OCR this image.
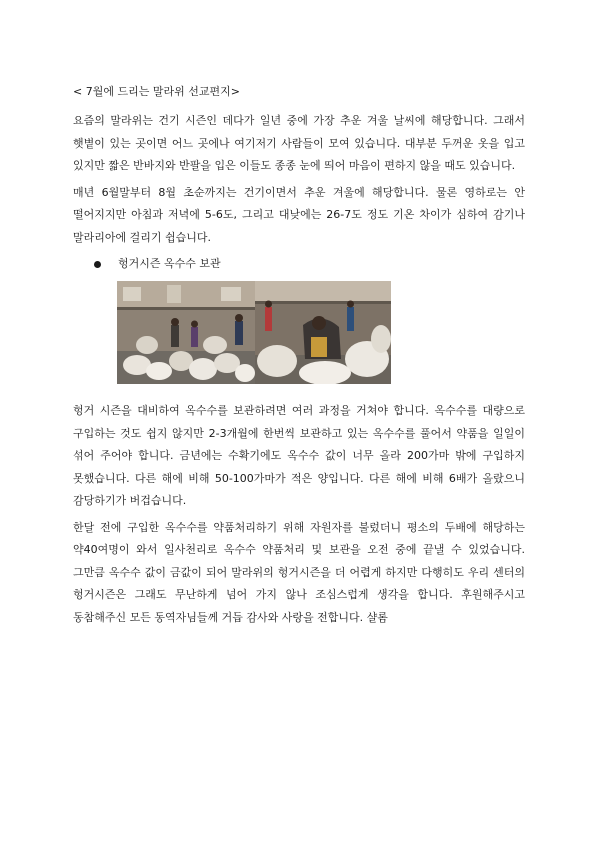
< 7월에 드리는 말라위 선교편지>

요즘의 말라위는 건기 시즌인 데다가 일년 중에 가장 추운 겨울 날씨에 해당합니다. 그래서 햇볕이 있는 곳이면 어느 곳에나 여기저기 사람들이 모여 있습니다. 대부분 두꺼운 옷을 입고 있지만 짧은 반바지와 반팔을 입은 이들도 종종 눈에 띄어 마음이 편하지 않을 때도 있습니다.

매년 6월말부터 8월 초순까지는 건기이면서 추운 겨울에 해당합니다. 물론 영하로는 안 떨어지지만 아침과 저녁에 5-6도, 그리고 대낮에는 26-7도 정도 기온 차이가 심하여 감기나 말라리아에 걸리기 쉽습니다.

헝거시즌 옥수수 보관

헝거 시즌을 대비하여 옥수수를 보관하려면 여러 과정을 거쳐야 합니다. 옥수수를 대량으로 구입하는 것도 쉽지 않지만 2-3개월에 한번씩 보관하고 있는 옥수수를 풀어서 약품을 일일이 섞어 주어야 합니다. 금년에는 수확기에도 옥수수 값이 너무 올라 200가마 밖에 구입하지 못했습니다. 다른 해에 비해 50-100가마가 적은 양입니다. 다른 해에 비해 6배가 올랐으니 감당하기가 버겁습니다.

한달 전에 구입한 옥수수를 약품처리하기 위해 자원자를 불렀더니 평소의 두배에 해당하는 약40여명이 와서 일사천리로 옥수수 약품처리 및 보관을 오전 중에 끝낼 수 있었습니다. 그만큼 옥수수 값이 금값이 되어 말라위의 헝거시즌을 더 어렵게 하지만 다행히도 우리 센터의 헝거시즌은 그래도 무난하게 넘어 가지 않나 조심스럽게 생각을 합니다. 후원해주시고 동참해주신 모든 동역자님들께 거듭 감사와 사랑을 전합니다. 샬롬
